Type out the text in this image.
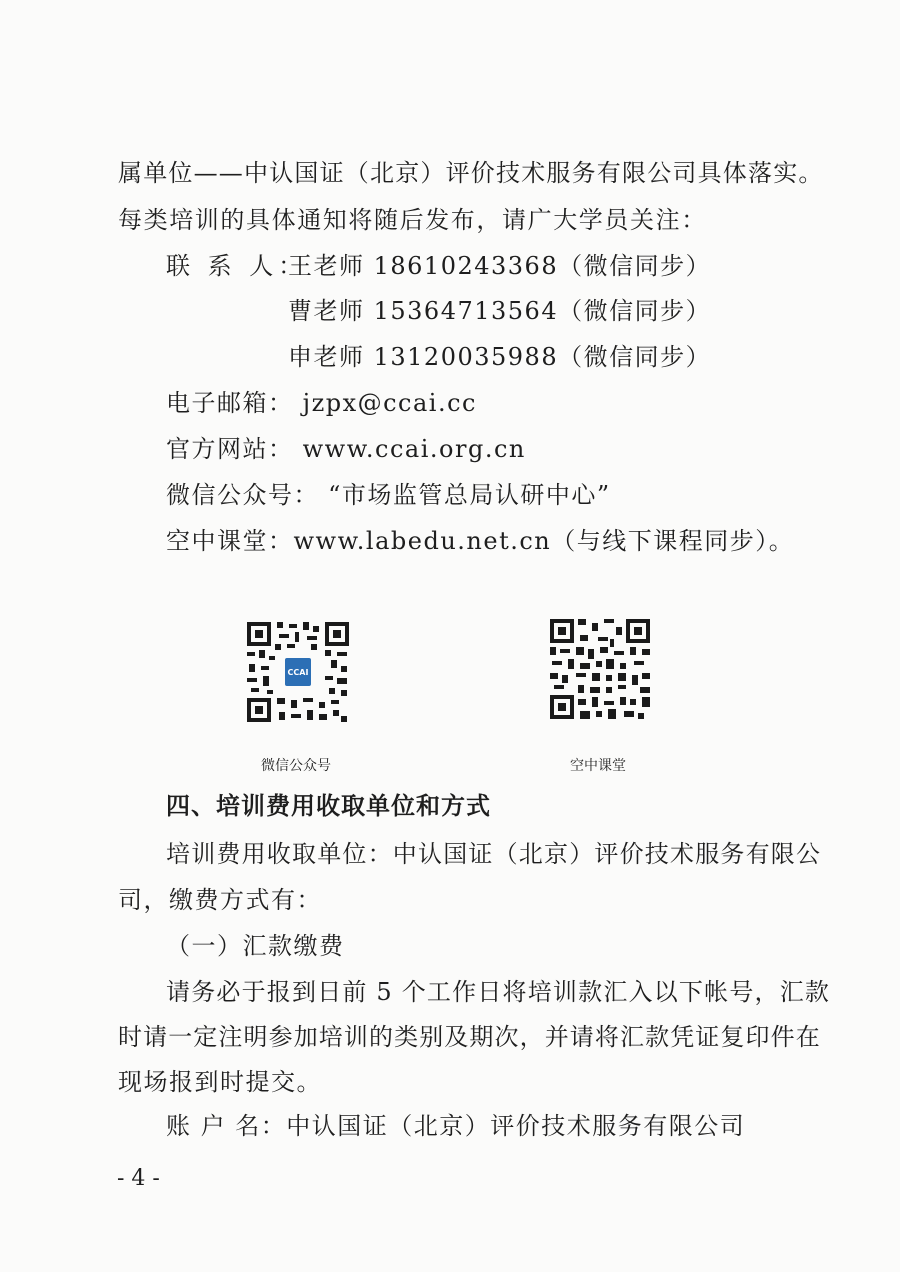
属单位——中认国证（北京）评价技术服务有限公司具体落实。
每类培训的具体通知将随后发布，请广大学员关注：
联 系 人：
王老师 18610243368（微信同步）
曹老师 15364713564（微信同步）
申老师 13120035988（微信同步）
电子邮箱： jzpx@ccai.cc
官方网站： www.ccai.org.cn
微信公众号： “市场监管总局认研中心”
空中课堂：www.labedu.net.cn（与线下课程同步）。
CCAI
微信公众号	空中课堂
四、培训费用收取单位和方式
培训费用收取单位：中认国证（北京）评价技术服务有限公
司，缴费方式有：
（一）汇款缴费
请务必于报到日前 5 个工作日将培训款汇入以下帐号，汇款
时请一定注明参加培训的类别及期次，并请将汇款凭证复印件在
现场报到时提交。
账 户 名：中认国证（北京）评价技术服务有限公司
- 4 -
